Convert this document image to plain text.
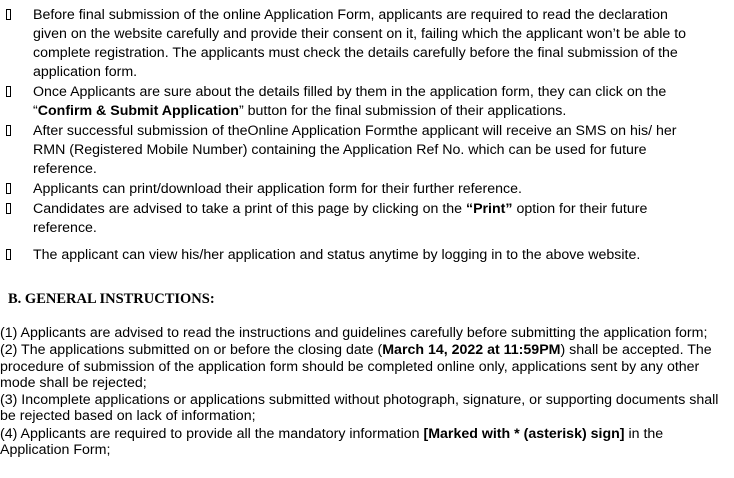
Before final submission of the online Application Form, applicants are required to read the declaration given on the website carefully and provide their consent on it, failing which the applicant won’t be able to complete registration. The applicants must check the details carefully before the final submission of the application form.
Once Applicants are sure about the details filled by them in the application form, they can click on the “Confirm & Submit Application” button for the final submission of their applications.
After successful submission of theOnline Application Formthe applicant will receive an SMS on his/ her RMN (Registered Mobile Number) containing the Application Ref No. which can be used for future reference.
Applicants can print/download their application form for their further reference.
Candidates are advised to take a print of this page by clicking on the “Print” option for their future reference.
The applicant can view his/her application and status anytime by logging in to the above website.
B. GENERAL INSTRUCTIONS:

(1) Applicants are advised to read the instructions and guidelines carefully before submitting the application form;

(2) The applications submitted on or before the closing date (March 14, 2022 at 11:59PM) shall be accepted. The procedure of submission of the application form should be completed online only, applications sent by any other mode shall be rejected;

(3) Incomplete applications or applications submitted without photograph, signature, or supporting documents shall be rejected based on lack of information;

(4) Applicants are required to provide all the mandatory information [Marked with * (asterisk) sign] in the Application Form;
